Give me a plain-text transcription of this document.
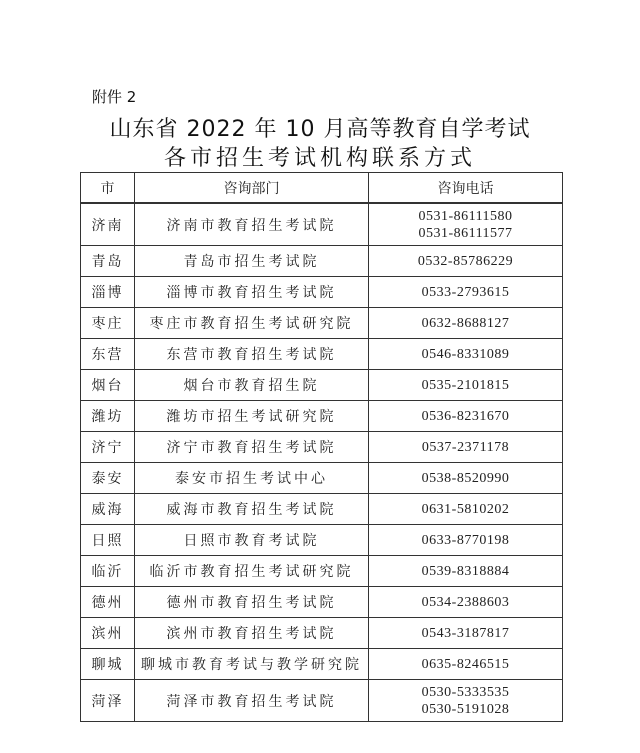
附件 2
山东省 2022 年 10 月高等教育自学考试
各市招生考试机构联系方式
市	咨询部门	咨询电话
济南	济南市教育招生考试院	0531-86111580
0531-86111577

青岛	青岛市招生考试院	0532-85786229

淄博	淄博市教育招生考试院	0533-2793615

枣庄	枣庄市教育招生考试研究院	0632-8688127

东营	东营市教育招生考试院	0546-8331089

烟台	烟台市教育招生院	0535-2101815

潍坊	潍坊市招生考试研究院	0536-8231670

济宁	济宁市教育招生考试院	0537-2371178

泰安	泰安市招生考试中心	0538-8520990

威海	威海市教育招生考试院	0631-5810202

日照	日照市教育考试院	0633-8770198

临沂	临沂市教育招生考试研究院	0539-8318884

德州	德州市教育招生考试院	0534-2388603

滨州	滨州市教育招生考试院	0543-3187817

聊城	聊城市教育考试与教学研究院	0635-8246515

菏泽	菏泽市教育招生考试院	0530-5333535
0530-5191028
